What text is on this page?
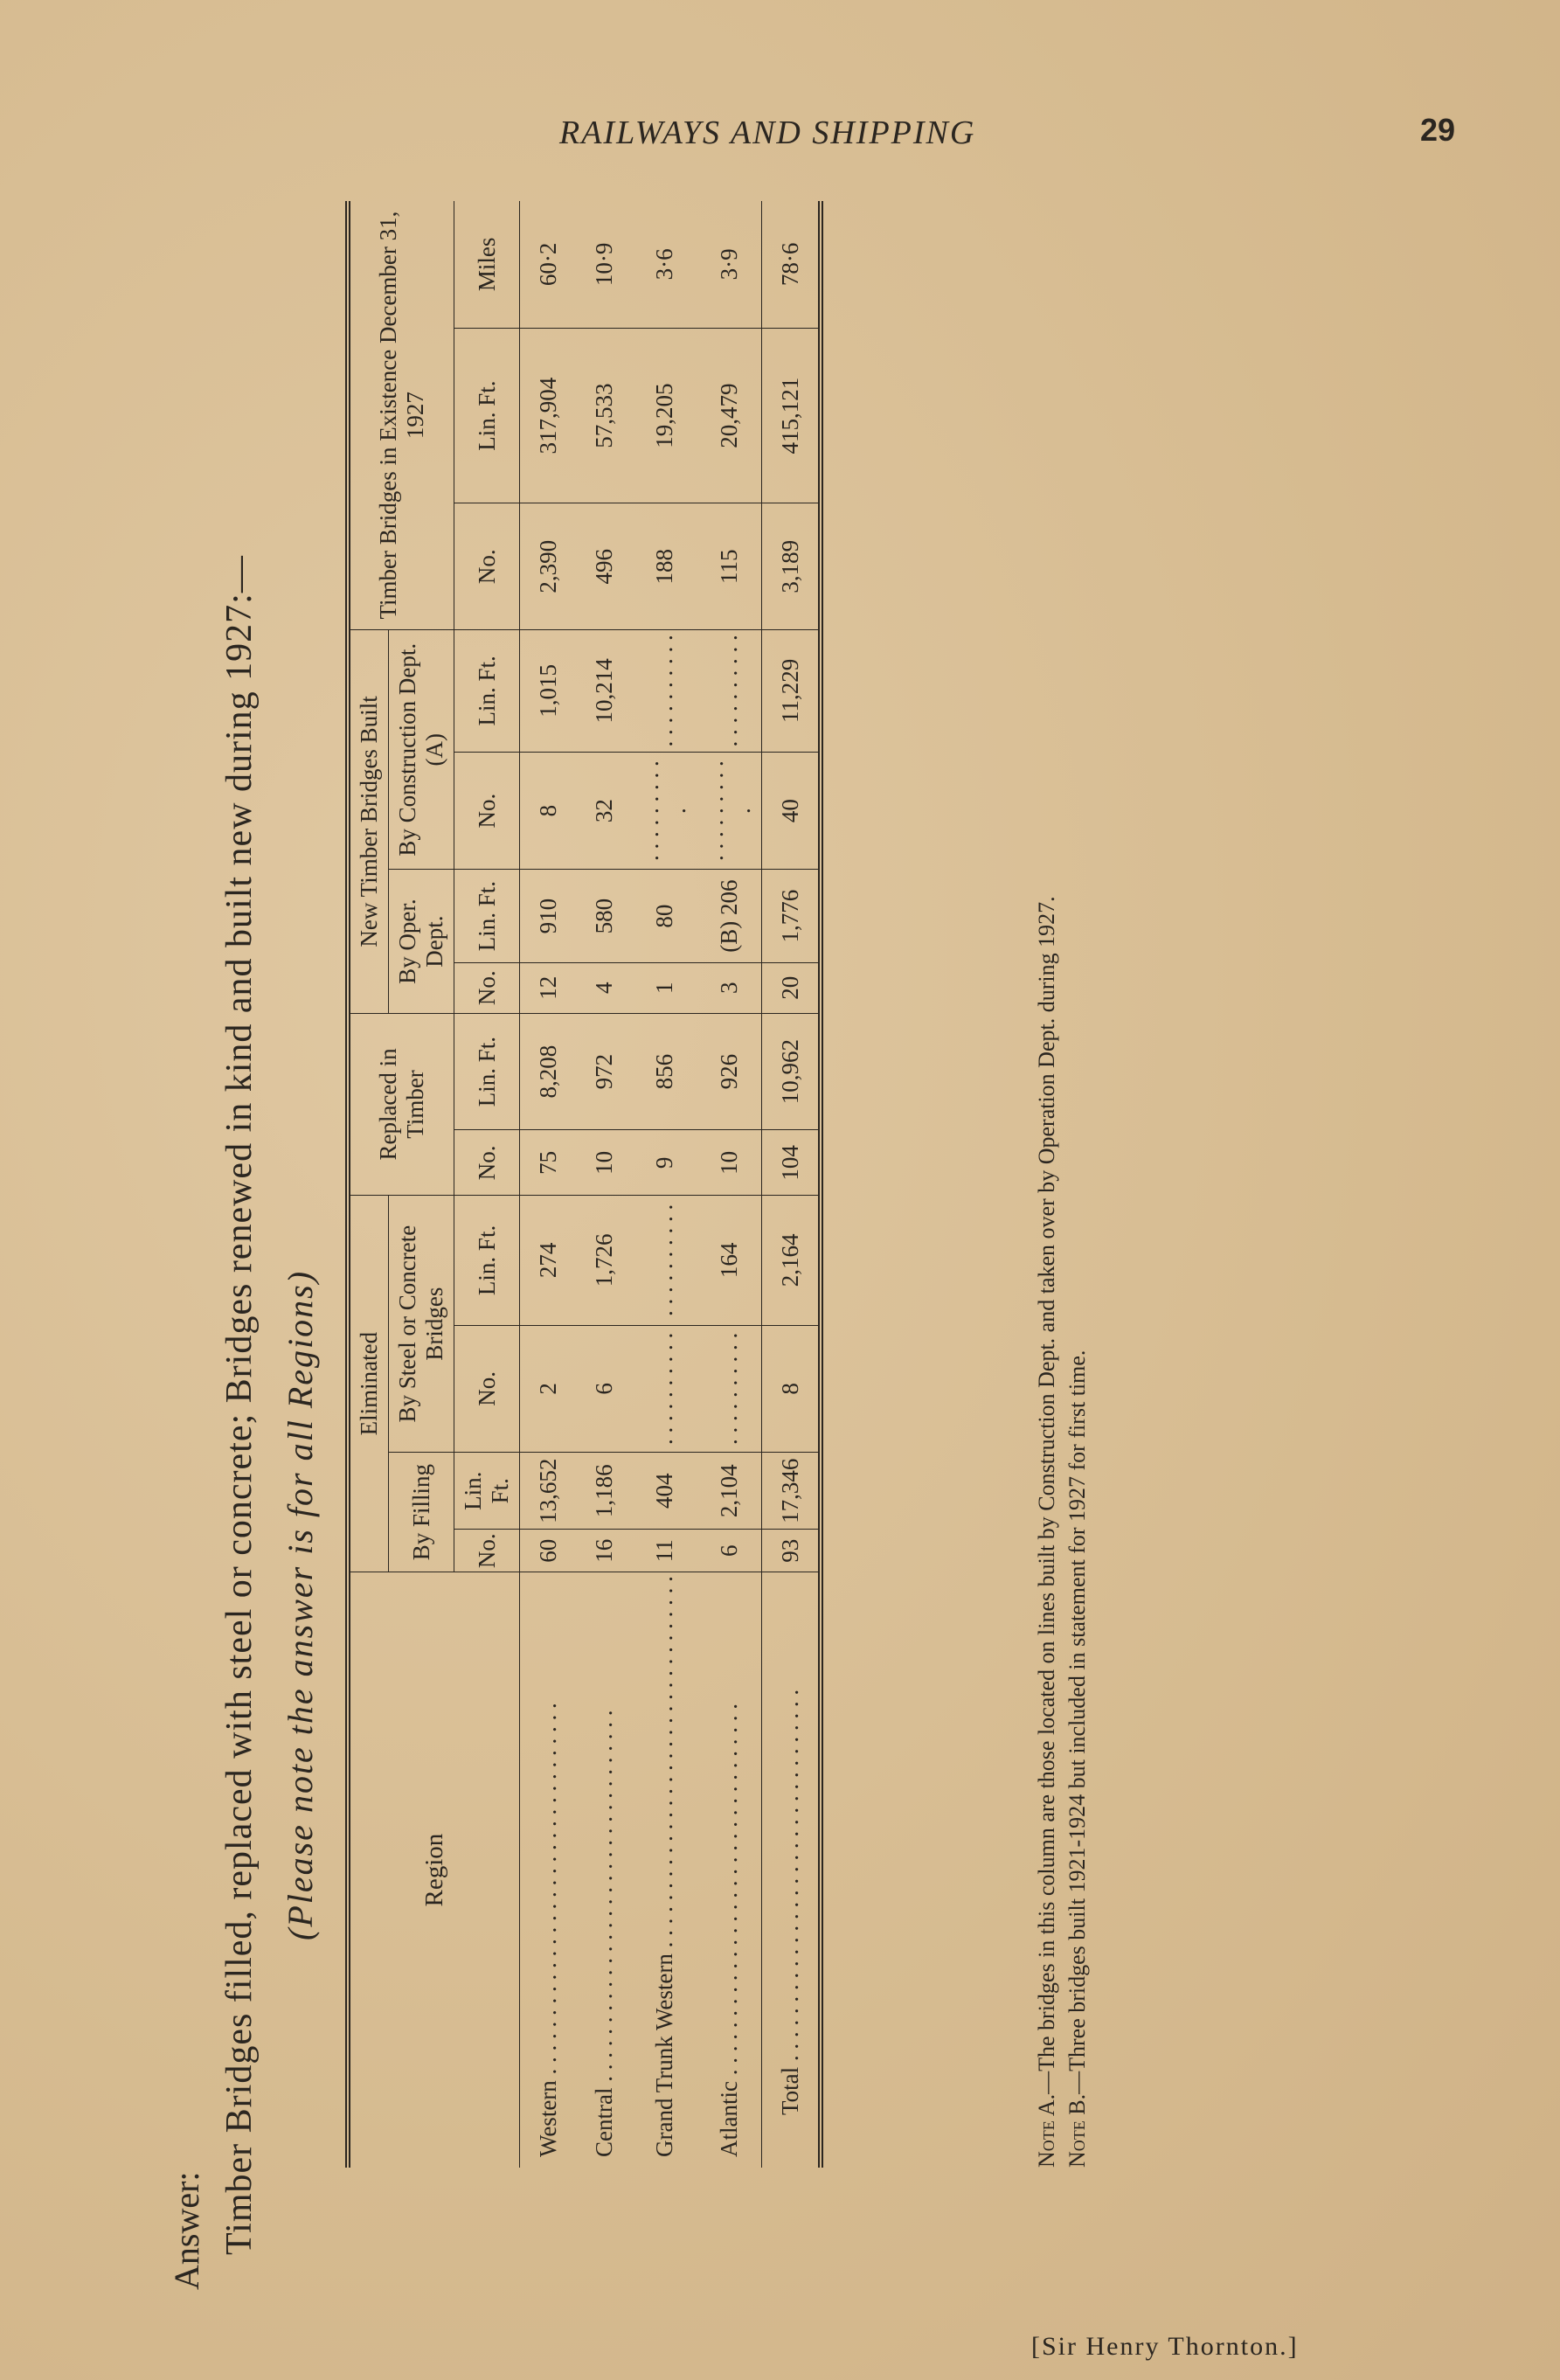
RAILWAYS AND SHIPPING	29
Answer: Timber Bridges filled, replaced with steel or concrete; Bridges renewed in kind and built new during 1927:— (Please note the answer is for all Regions)	Region	Eliminated				Replaced in Timber		New Timber Bridges Built				Timber Bridges in Existence December 31, 1927		
	By Filling		By Steel or Concrete Bridges				By Oper. Dept.		By Construction Dept. (A)				
	No.	Lin. Ft.	No.	Lin. Ft.	No.	Lin. Ft.	No.	Lin. Ft.	No.	Lin. Ft.	No.	Lin. Ft.	Miles
Western . . .	60	13,652	2	274	75	8,208	12	910	8	1,015	2,390	317,904	60·2
Central . . .	16	1,186	6	1,726	10	972	4	580	32	10,214	496	57,533	10·9
Grand Trunk Western . . .	11	404	. . .	. . .	9	856	1	80	. . .	. . .	188	19,205	3·6
Atlantic . . .	6	2,104	. . .	164	10	926	3	(B) 206	. . .	. . .	115	20,479	3·9
Total . . .	93	17,346	8	2,164	104	10,962	20	1,776	40	11,229	3,189	415,121	78·6
Note A.—The bridges in this column are those located on lines built by Construction Dept. and taken over by Operation Dept. during 1927.
Note B.—Three bridges built 1921-1924 but included in statement for 1927 for first time.
[Sir Henry Thornton.]
